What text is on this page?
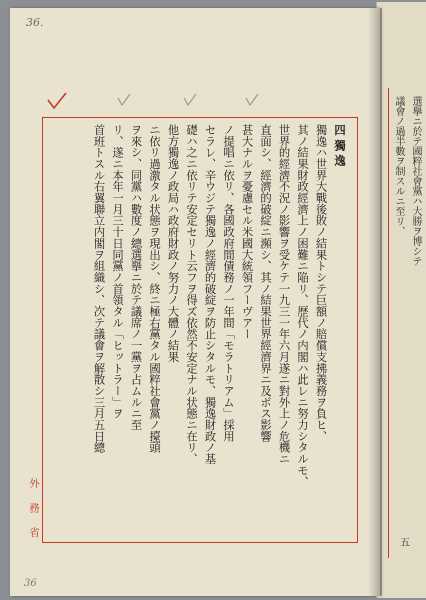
36.
36
四 獨 逸
獨逸ハ世界大戰後敗ノ結果トシテ巨額ノ賠償支拂義務ヲ負ヒ、
其ノ結果財政經濟上ノ困難ニ陥リ、歴代ノ内閣ハ此レニ努力シタルモ、
世界的經濟不況ノ影響ヲ受ケテ一九三一年六月遂ニ對外上ノ危機ニ
直面シ、經濟的破綻ニ瀕シ、其ノ結果世界經濟界ニ及ボス影響
甚大ナルヲ憂慮セル米國大統領フーヴアー
ノ提唱ニ依リ、各國政府間債務ノ一年間「モラトリアム」採用
セラレ、辛ウジテ獨逸ノ經濟的破綻ヲ防止シタルモ、獨逸財政ノ基
礎ハ之ニ依リテ安定セリト云フヲ得ズ依然不安定ナル状態ニ在リ、
他方獨逸ノ政局ハ政府財政ノ努力ノ大體ノ結果
ニ依リ過激タル状態ヲ現出シ、終ニ極右黨タル國粹社會黨ノ擡頭
ヲ來シ、同黨ハ數度ノ總選擧ニ於テ議席ノ一黨ヲ占ムルニ至
リ、遂ニ本年一月三十日同黨ノ首領タル「ヒットラー」ヲ
首班トスル右翼聯立内閣ヲ組織シ、次テ議會ヲ解散シ三月五日總
外務省
選擧ニ於テ國粹社會黨ハ大勝ヲ博シテ
議會ノ過半數ヲ制スルニ至リ、
五
